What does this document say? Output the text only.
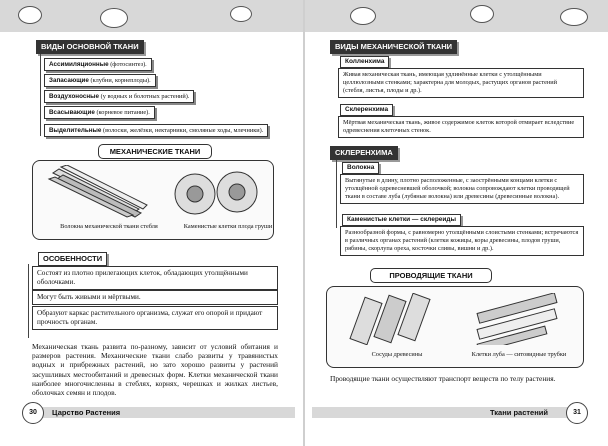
ВИДЫ ОСНОВНОЙ ТКАНИ
Ассимиляционные (фотосинтез).
Запасающие (клубни, корнеплоды).
Воздухоносные (у водных и болотных растений).
Всасывающие (корневое питание).
Выделительные (волоски, желёзки, нектарники, смоляные ходы, млечники).
МЕХАНИЧЕСКИЕ ТКАНИ
Волокна механической ткани стебля	Каменистые клетки плода груши
ОСОБЕННОСТИ
Состоят из плотно прилегающих клеток, обладающих утолщёнными оболочками.
Могут быть живыми и мёртвыми.
Образуют каркас растительного организма, служат его опорой и придают прочность органам.
Механическая ткань развита по-разному, зависит от условий обитания и размеров растения. Механические ткани слабо развиты у травянистых водных и прибрежных растений, но зато хорошо развиты у растений засушливых местообитаний и древесных форм. Клетки механической ткани наиболее многочисленны в стеблях, корнях, черешках и жилках листьев, оболочках семян и плодов.
30	Царство Растения
ВИДЫ МЕХАНИЧЕСКОЙ ТКАНИ
Колленхима
Живая механическая ткань, имеющая удлинённые клетки с утолщёнными целлюлозными стенками; характерна для молодых, растущих органов растений (стебля, листья, плоды и др.).
Склеренхима
Мёртвая механическая ткань, живое содержимое клеток которой отмирает вследствие одревеснения клеточных стенок.
СКЛЕРЕНХИМА
Волокна
Вытянутые в длину, плотно расположенные, с заострёнными концами клетки с утолщённой одревесневшей оболочкой; волокна сопровождают клетки проводящей ткани в составе луба (лубяные волокна) или древесины (древесинные волокна).
Каменистые клетки — склереиды
Разнообразной формы, с равномерно утолщёнными слоистыми стенками; встречаются в различных органах растений (клетки кожицы, коры древесины, плодов груши, рябины, скорлупа ореха, косточки сливы, вишни и др.).
ПРОВОДЯЩИЕ ТКАНИ
Сосуды древесины	Клетки луба — ситовидные трубки
Проводящие ткани осуществляют транспорт веществ по телу растения.
31
Ткани растений
